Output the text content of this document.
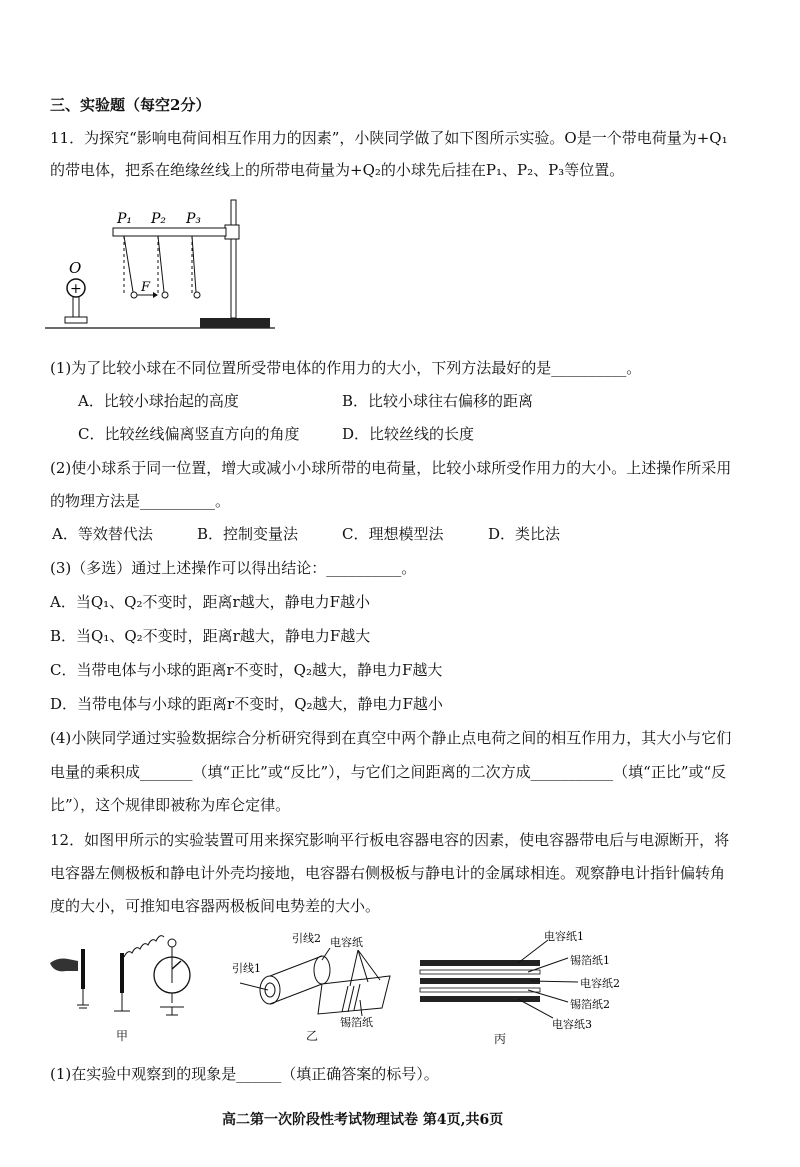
三、实验题（每空2分）
11．为探究“影响电荷间相互作用力的因素”，小陕同学做了如下图所示实验。O是一个带电荷量为+Q₁
的带电体，把系在绝缘丝线上的所带电荷量为+Q₂的小球先后挂在P₁、P₂、P₃等位置。
O
+
P₁ P₂ P₃
F
(1)为了比较小球在不同位置所受带电体的作用力的大小，下列方法最好的是__________。
A．比较小球抬起的高度	B．比较小球往右偏移的距离
C．比较丝线偏离竖直方向的角度	D．比较丝线的长度
(2)使小球系于同一位置，增大或减小小球所带的电荷量，比较小球所受作用力的大小。上述操作所采用
的物理方法是__________。
A．等效替代法	B．控制变量法	C．理想模型法	D．类比法
(3)（多选）通过上述操作可以得出结论：__________。
A．当Q₁、Q₂不变时，距离r越大，静电力F越小
B．当Q₁、Q₂不变时，距离r越大，静电力F越大
C．当带电体与小球的距离r不变时，Q₂越大，静电力F越大
D．当带电体与小球的距离r不变时，Q₂越大，静电力F越小
(4)小陕同学通过实验数据综合分析研究得到在真空中两个静止点电荷之间的相互作用力，其大小与它们
电量的乘积成_______（填“正比”或“反比”），与它们之间距离的二次方成___________（填“正比”或“反
比”），这个规律即被称为库仑定律。
12．如图甲所示的实验装置可用来探究影响平行板电容器电容的因素，使电容器带电后与电源断开，将
电容器左侧极板和静电计外壳均接地，电容器右侧极板与静电计的金属球相连。观察静电计指针偏转角
度的大小，可推知电容器两极板间电势差的大小。
甲
引线2 电容纸
引线1
锡箔纸
乙
电容纸1
锡箔纸1
电容纸2
锡箔纸2
电容纸3
丙
(1)在实验中观察到的现象是______（填正确答案的标号）。
高二第一次阶段性考试物理试卷 第4页,共6页
